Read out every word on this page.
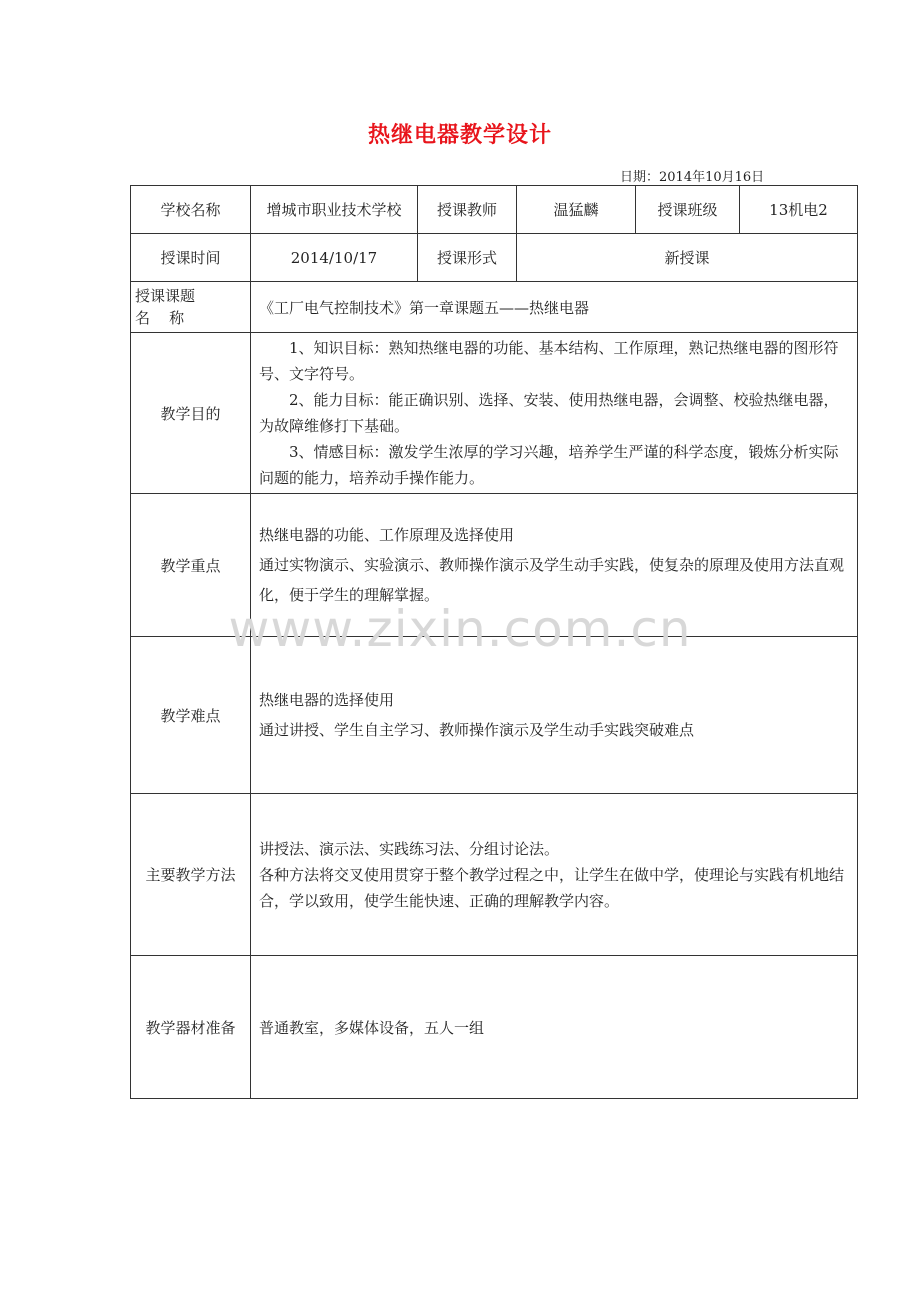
热继电器教学设计
日期：2014年10月16日
学校名称	增城市职业技术学校	授课教师	温猛麟	授课班级	13机电2
授课时间	2014/10/17	授课形式	新授课		

授课课题
名    称	《工厂电气控制技术》第一章课题五——热继电器				
教学目的	1、知识目标：熟知热继电器的功能、基本结构、工作原理，熟记热继电器的图形符号、文字符号。

2、能力目标：能正确识别、选择、安装、使用热继电器，会调整、校验热继电器，为故障维修打下基础。

3、情感目标：激发学生浓厚的学习兴趣，培养学生严谨的科学态度，锻炼分析实际问题的能力，培养动手操作能力。				

教学重点	热继电器的功能、工作原理及选择使用

通过实物演示、实验演示、教师操作演示及学生动手实践，使复杂的原理及使用方法直观化，便于学生的理解掌握。				

教学难点	热继电器的选择使用

通过讲授、学生自主学习、教师操作演示及学生动手实践突破难点				

主要教学方法	讲授法、演示法、实践练习法、分组讨论法。

各种方法将交叉使用贯穿于整个教学过程之中，让学生在做中学，使理论与实践有机地结合，学以致用，使学生能快速、正确的理解教学内容。				

教学器材准备	普通教室，多媒体设备，五人一组				
www.zixin.com.cn
